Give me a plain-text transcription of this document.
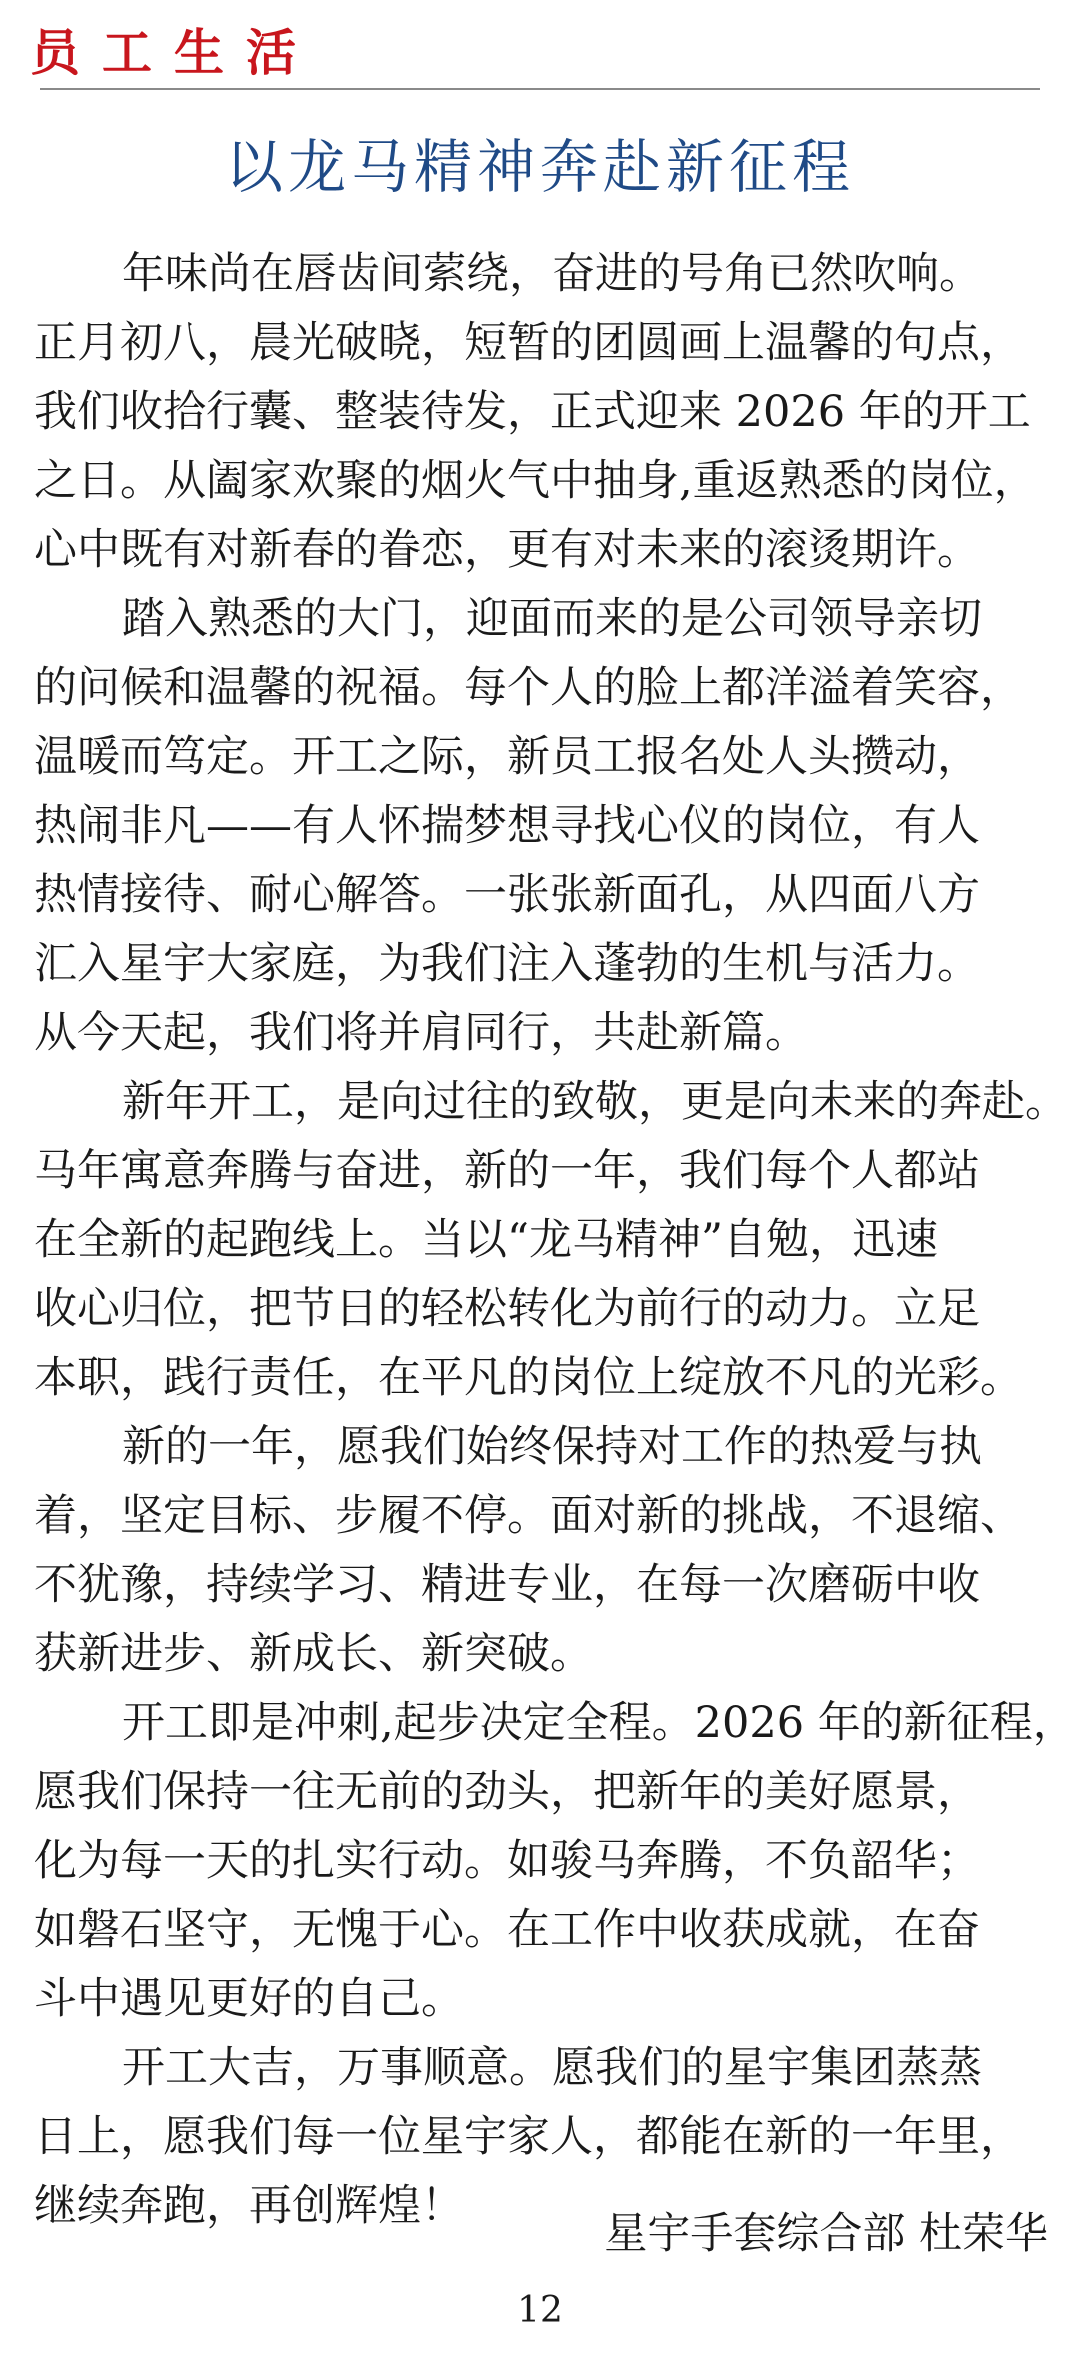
员工生活
以龙马精神奔赴新征程
年味尚在唇齿间萦绕，奋进的号角已然吹响。
正月初八，晨光破晓，短暂的团圆画上温馨的句点，
我们收拾行囊、整装待发，正式迎来 2026 年的开工
之日。从阖家欢聚的烟火气中抽身,重返熟悉的岗位，
心中既有对新春的眷恋，更有对未来的滚烫期许。
踏入熟悉的大门，迎面而来的是公司领导亲切
的问候和温馨的祝福。每个人的脸上都洋溢着笑容，
温暖而笃定。开工之际，新员工报名处人头攒动，
热闹非凡——有人怀揣梦想寻找心仪的岗位，有人
热情接待、耐心解答。一张张新面孔，从四面八方
汇入星宇大家庭，为我们注入蓬勃的生机与活力。
从今天起，我们将并肩同行，共赴新篇。
新年开工，是向过往的致敬，更是向未来的奔赴。
马年寓意奔腾与奋进，新的一年，我们每个人都站
在全新的起跑线上。当以“龙马精神”自勉，迅速
收心归位，把节日的轻松转化为前行的动力。立足
本职，践行责任，在平凡的岗位上绽放不凡的光彩。
新的一年，愿我们始终保持对工作的热爱与执
着，坚定目标、步履不停。面对新的挑战，不退缩、
不犹豫，持续学习、精进专业，在每一次磨砺中收
获新进步、新成长、新突破。
开工即是冲刺,起步决定全程。2026 年的新征程，
愿我们保持一往无前的劲头，把新年的美好愿景，
化为每一天的扎实行动。如骏马奔腾，不负韶华；
如磐石坚守，无愧于心。在工作中收获成就，在奋
斗中遇见更好的自己。
开工大吉，万事顺意。愿我们的星宇集团蒸蒸
日上，愿我们每一位星宇家人，都能在新的一年里，
继续奔跑，再创辉煌！
星宇手套综合部 杜荣华
12
